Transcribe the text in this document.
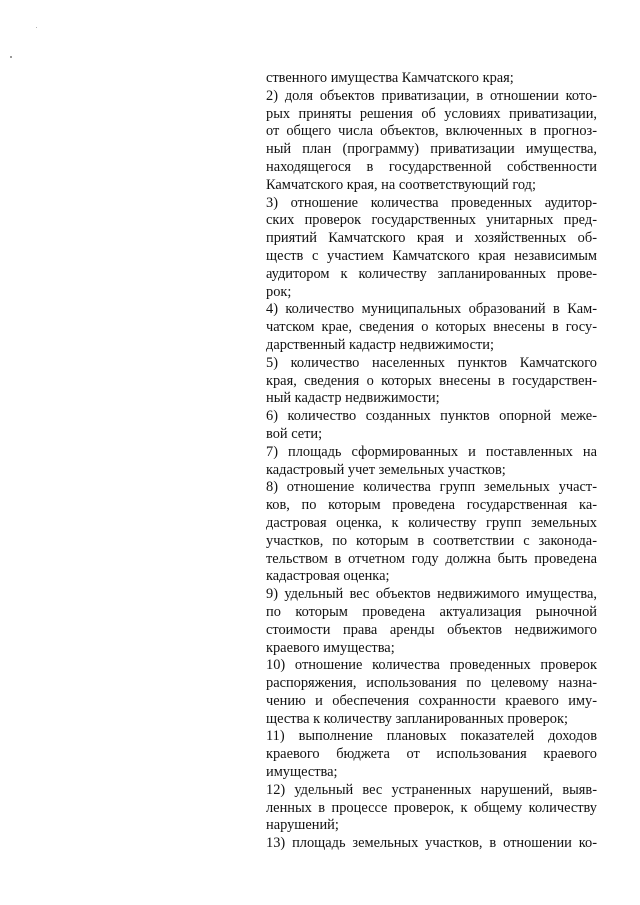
ственного имущества Камчатского края;
2) доля объектов приватизации, в отношении кото-
рых приняты решения об условиях приватизации,
от общего числа объектов, включенных в прогноз-
ный план (программу) приватизации имущества,
находящегося в государственной собственности
Камчатского края, на соответствующий год;
3) отношение количества проведенных аудитор-
ских проверок государственных унитарных пред-
приятий Камчатского края и хозяйственных об-
ществ с участием Камчатского края независимым
аудитором к количеству запланированных прове-
рок;
4) количество муниципальных образований в Кам-
чатском крае, сведения о которых внесены в госу-
дарственный кадастр недвижимости;
5) количество населенных пунктов Камчатского
края, сведения о которых внесены в государствен-
ный кадастр недвижимости;
6) количество созданных пунктов опорной меже-
вой сети;
7) площадь сформированных и поставленных на
кадастровый учет земельных участков;
8) отношение количества групп земельных участ-
ков, по которым проведена государственная ка-
дастровая оценка, к количеству групп земельных
участков, по которым в соответствии с законода-
тельством в отчетном году должна быть проведена
кадастровая оценка;
9) удельный вес объектов недвижимого имущества,
по которым проведена актуализация рыночной
стоимости права аренды объектов недвижимого
краевого имущества;
10) отношение количества проведенных проверок
распоряжения, использования по целевому назна-
чению и обеспечения сохранности краевого иму-
щества к количеству запланированных проверок;
11) выполнение плановых показателей доходов
краевого бюджета от использования краевого
имущества;
12) удельный вес устраненных нарушений, выяв-
ленных в процессе проверок, к общему количеству
нарушений;
13) площадь земельных участков, в отношении ко-
